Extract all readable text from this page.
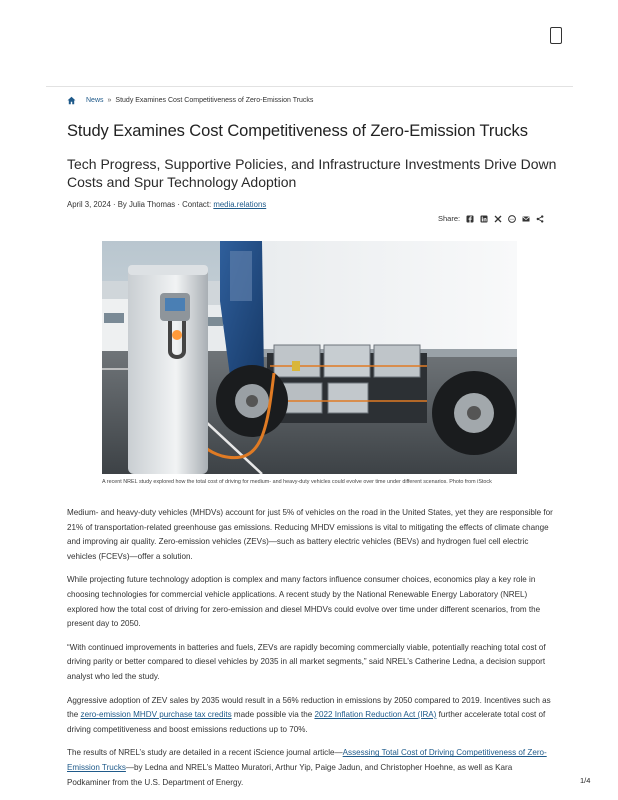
News » Study Examines Cost Competitiveness of Zero-Emission Trucks
Study Examines Cost Competitiveness of Zero-Emission Trucks
Tech Progress, Supportive Policies, and Infrastructure Investments Drive Down Costs and Spur Technology Adoption
April 3, 2024 · By Julia Thomas · Contact: media.relations
Share:
A recent NREL study explored how the total cost of driving for medium- and heavy-duty vehicles could evolve over time under different scenarios. Photo from iStock

Medium- and heavy-duty vehicles (MHDVs) account for just 5% of vehicles on the road in the United States, yet they are responsible for 21% of transportation-related greenhouse gas emissions. Reducing MHDV emissions is vital to mitigating the effects of climate change and improving air quality. Zero-emission vehicles (ZEVs)—such as battery electric vehicles (BEVs) and hydrogen fuel cell electric vehicles (FCEVs)—offer a solution.

While projecting future technology adoption is complex and many factors influence consumer choices, economics play a key role in choosing technologies for commercial vehicle applications. A recent study by the National Renewable Energy Laboratory (NREL) explored how the total cost of driving for zero-emission and diesel MHDVs could evolve over time under different scenarios, from the present day to 2050.

“With continued improvements in batteries and fuels, ZEVs are rapidly becoming commercially viable, potentially reaching total cost of driving parity or better compared to diesel vehicles by 2035 in all market segments,” said NREL’s Catherine Ledna, a decision support analyst who led the study.

Aggressive adoption of ZEV sales by 2035 would result in a 56% reduction in emissions by 2050 compared to 2019. Incentives such as the zero-emission MHDV purchase tax credits made possible via the 2022 Inflation Reduction Act (IRA) further accelerate total cost of driving competitiveness and boost emissions reductions up to 70%.

The results of NREL’s study are detailed in a recent iScience journal article—Assessing Total Cost of Driving Competitiveness of Zero-Emission Trucks—by Ledna and NREL’s Matteo Muratori, Arthur Yip, Paige Jadun, and Christopher Hoehne, as well as Kara Podkaminer from the U.S. Department of Energy.	1/4
